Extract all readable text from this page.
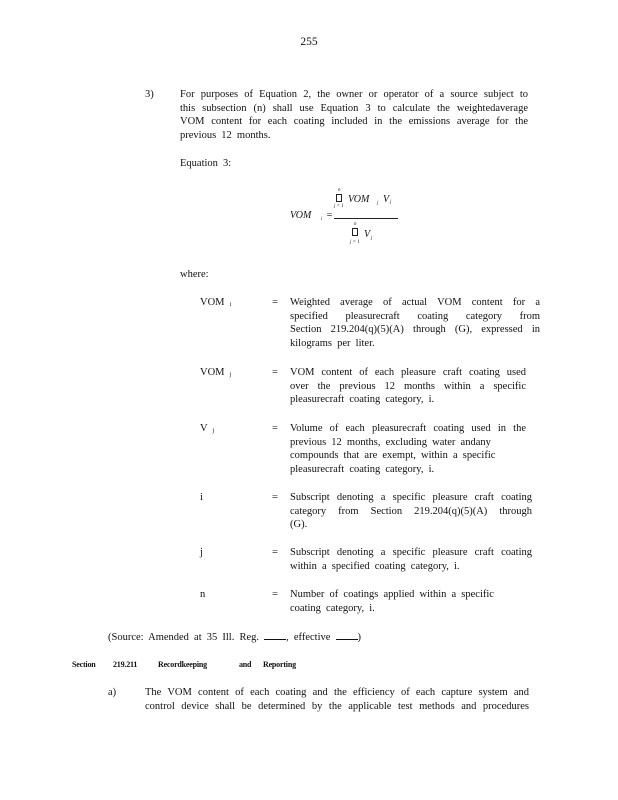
255
3)	For purposes of Equation 2, the owner or operator of a source subject to this subsection (n) shall use Equation 3 to calculate the weightedaverage VOM content for each coating included in the emissions average for the previous 12 months.
Equation 3:
VOM i =
n
j = 1
VOM j V j
n
j = 1
V j
where:
VOM i	=	Weighted average of actual VOM content for a
specified pleasurecraft coating category from
Section 219.204(q)(5)(A) through (G), expressed in
kilograms per liter.
VOM j	=	VOM content of each pleasure craft coating used
over the previous 12 months within a specific
pleasurecraft coating category, i.
V j	=	Volume of each pleasurecraft coating used in the
previous 12 months, excluding water andany
compounds that are exempt, within a specific
pleasurecraft coating category, i.
i	=	Subscript denoting a specific pleasure craft coating
category from Section 219.204(q)(5)(A) through
(G).
j	=	Subscript denoting a specific pleasure craft coating
within a specified coating category, i.
n	=	Number of coatings applied within a specific
coating category, i.
(Source: Amended at 35 Ill. Reg.	, effective	)
Section 219.211	Recordkeeping	and Reporting
a)	The VOM content of each coating and the efficiency of each capture system and
control device shall be determined by the applicable test methods and procedures
